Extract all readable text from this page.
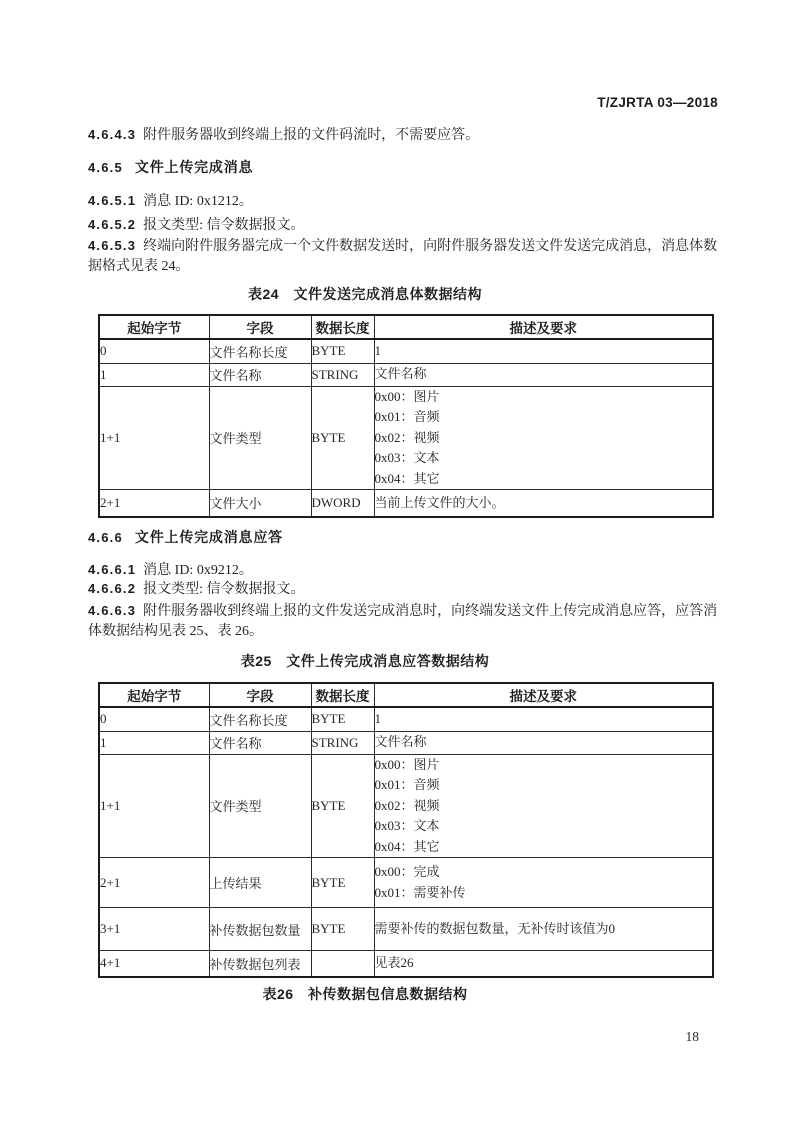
T/ZJRTA 03—2018
4.6.4.3 附件服务器收到终端上报的文件码流时，不需要应答。
4.6.5 文件上传完成消息
4.6.5.1 消息 ID: 0x1212。
4.6.5.2 报文类型: 信令数据报文。
4.6.5.3 终端向附件服务器完成一个文件数据发送时，向附件服务器发送文件发送完成消息，消息体数
据格式见表 24。
表24　文件发送完成消息体数据结构
起始字节	字段	数据长度	描述及要求
0	文件名称长度	BYTE	1

1	文件名称	STRING	文件名称

1+1	文件类型	BYTE	0x00：图片
0x01：音频
0x02：视频
0x03：文本
0x04：其它

2+1	文件大小	DWORD	当前上传文件的大小。
4.6.6 文件上传完成消息应答
4.6.6.1 消息 ID: 0x9212。
4.6.6.2 报文类型: 信令数据报文。
4.6.6.3 附件服务器收到终端上报的文件发送完成消息时，向终端发送文件上传完成消息应答，应答消
体数据结构见表 25、表 26。
表25　文件上传完成消息应答数据结构
起始字节	字段	数据长度	描述及要求
0	文件名称长度	BYTE	1

1	文件名称	STRING	文件名称

1+1	文件类型	BYTE	0x00：图片
0x01：音频
0x02：视频
0x03：文本
0x04：其它

2+1	上传结果	BYTE	0x00：完成
0x01：需要补传

3+1	补传数据包数量	BYTE	需要补传的数据包数量，无补传时该值为0

4+1	补传数据包列表		见表26
表26　补传数据包信息数据结构
18
